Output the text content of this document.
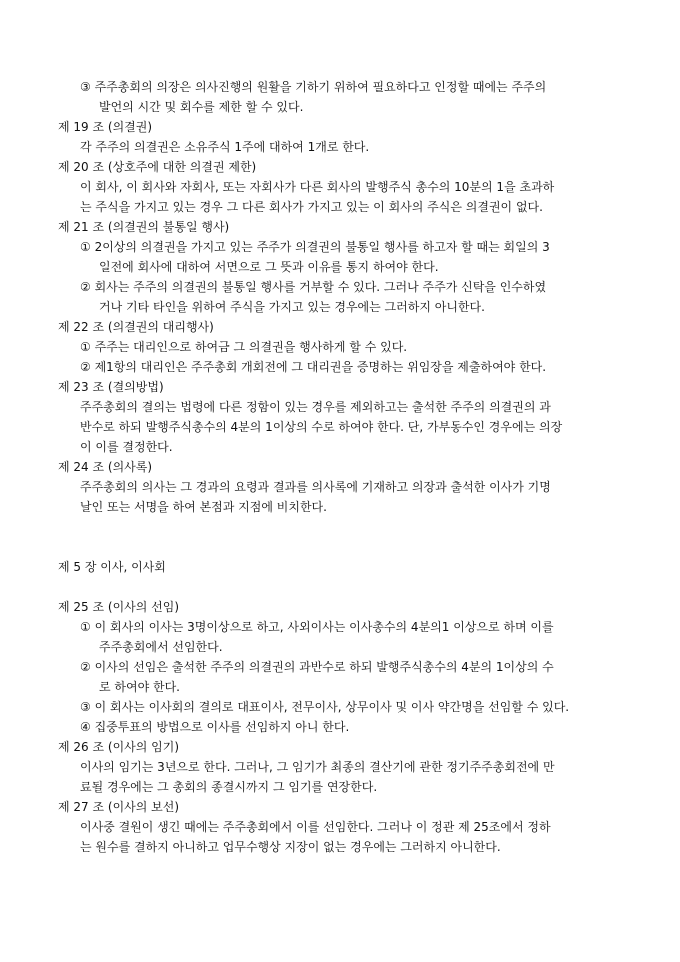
③ 주주총회의 의장은 의사진행의 원활을 기하기 위하여 필요하다고 인정할 때에는 주주의
발언의 시간 및 회수를 제한 할 수 있다.
제 19 조 (의결권)
각 주주의 의결권은 소유주식 1주에 대하여 1개로 한다.
제 20 조 (상호주에 대한 의결권 제한)
이 회사, 이 회사와 자회사, 또는 자회사가 다른 회사의 발행주식 총수의 10분의 1을 초과하
는 주식을 가지고 있는 경우 그 다른 회사가 가지고 있는 이 회사의 주식은 의결권이 없다.
제 21 조 (의결권의 불통일 행사)
① 2이상의 의결권을 가지고 있는 주주가 의결권의 불통일 행사를 하고자 할 때는 회일의 3
일전에 회사에 대하여 서면으로 그 뜻과 이유를 통지 하여야 한다.
② 회사는 주주의 의결권의 불통일 행사를 거부할 수 있다. 그러나 주주가 신탁을 인수하였
거나 기타 타인을 위하여 주식을 가지고 있는 경우에는 그러하지 아니한다.
제 22 조 (의결권의 대리행사)
① 주주는 대리인으로 하여금 그 의결권을 행사하게 할 수 있다.
② 제1항의 대리인은 주주총회 개회전에 그 대리권을 증명하는 위임장을 제출하여야 한다.
제 23 조 (결의방법)
주주총회의 결의는 법령에 다른 정함이 있는 경우를 제외하고는 출석한 주주의 의결권의 과
반수로 하되 발행주식총수의 4분의 1이상의 수로 하여야 한다. 단, 가부동수인 경우에는 의장
이 이를 결정한다.
제 24 조 (의사록)
주주총회의 의사는 그 경과의 요령과 결과를 의사록에 기재하고 의장과 출석한 이사가 기명
날인 또는 서명을 하여 본점과 지점에 비치한다.
제 5 장 이사, 이사회
제 25 조 (이사의 선임)
① 이 회사의 이사는 3명이상으로 하고, 사외이사는 이사총수의 4분의1 이상으로 하며 이를
주주총회에서 선임한다.
② 이사의 선임은 출석한 주주의 의결권의 과반수로 하되 발행주식총수의 4분의 1이상의 수
로 하여야 한다.
③ 이 회사는 이사회의 결의로 대표이사, 전무이사, 상무이사 및 이사 약간명을 선임할 수 있다.
④ 집중투표의 방법으로 이사를 선임하지 아니 한다.
제 26 조 (이사의 임기)
이사의 임기는 3년으로 한다. 그러나, 그 임기가 최종의 결산기에 관한 정기주주총회전에 만
료될 경우에는 그 총회의 종결시까지 그 임기를 연장한다.
제 27 조 (이사의 보선)
이사중 결원이 생긴 때에는 주주총회에서 이를 선임한다. 그러나 이 정관 제 25조에서 정하
는 원수를 결하지 아니하고 업무수행상 지장이 없는 경우에는 그러하지 아니한다.
